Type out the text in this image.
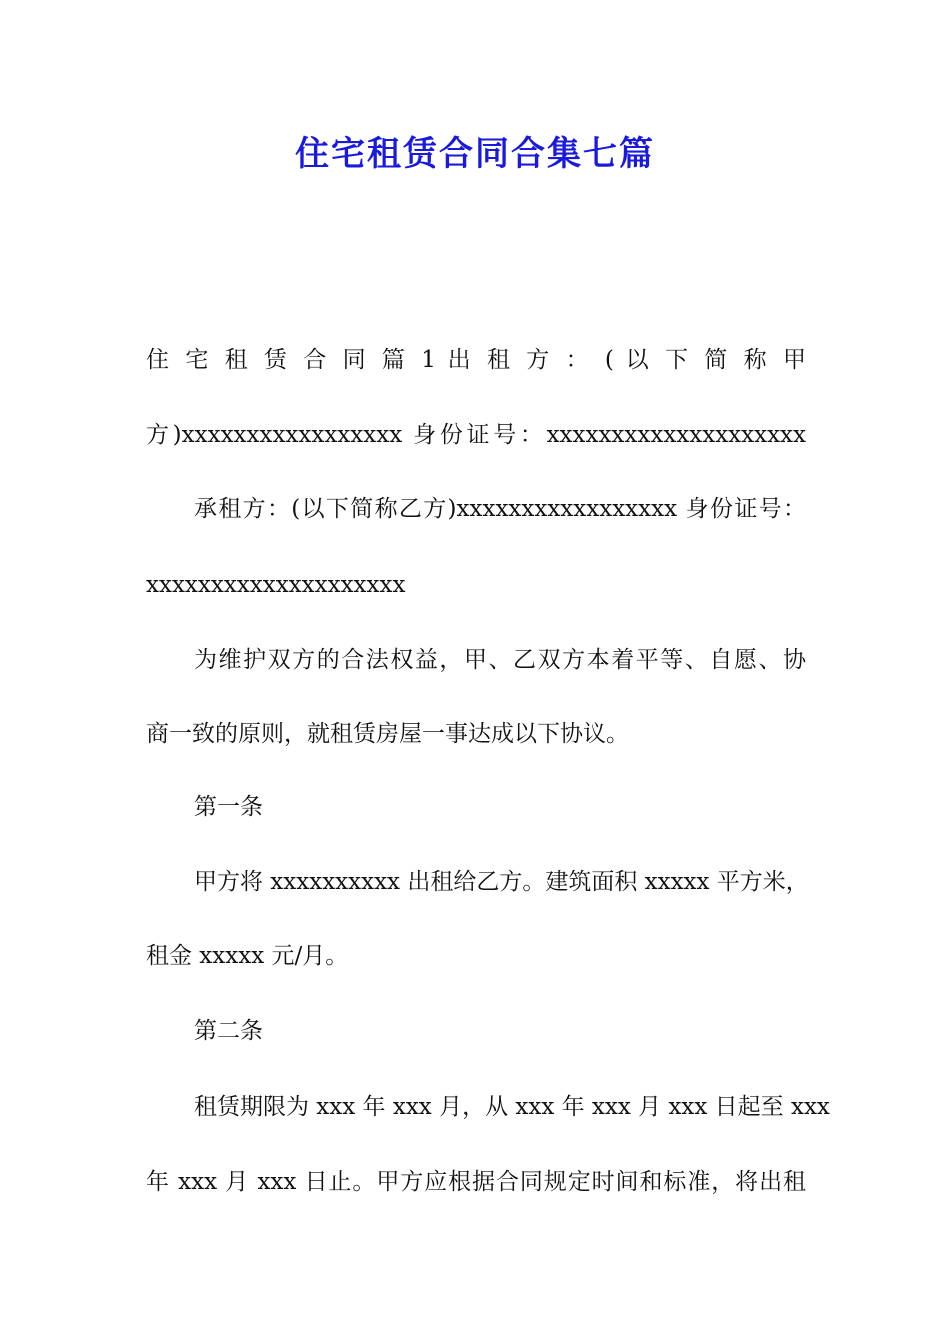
住宅租赁合同合集七篇

住 宅 租 赁 合 同 篇 1 出 租 方 ： ( 以 下 简 称 甲

方)xxxxxxxxxxxxxxxxx 身份证号：xxxxxxxxxxxxxxxxxxxx

承租方：(以下简称乙方)xxxxxxxxxxxxxxxxx 身份证号：

xxxxxxxxxxxxxxxxxxxx

为维护双方的合法权益，甲、乙双方本着平等、自愿、协

商一致的原则，就租赁房屋一事达成以下协议。

第一条

甲方将 xxxxxxxxxx 出租给乙方。建筑面积 xxxxx 平方米，

租金 xxxxx 元/月。

第二条

租赁期限为 xxx 年 xxx 月，从 xxx 年 xxx 月 xxx 日起至 xxx

年 xxx 月 xxx 日止。甲方应根据合同规定时间和标准，将出租
